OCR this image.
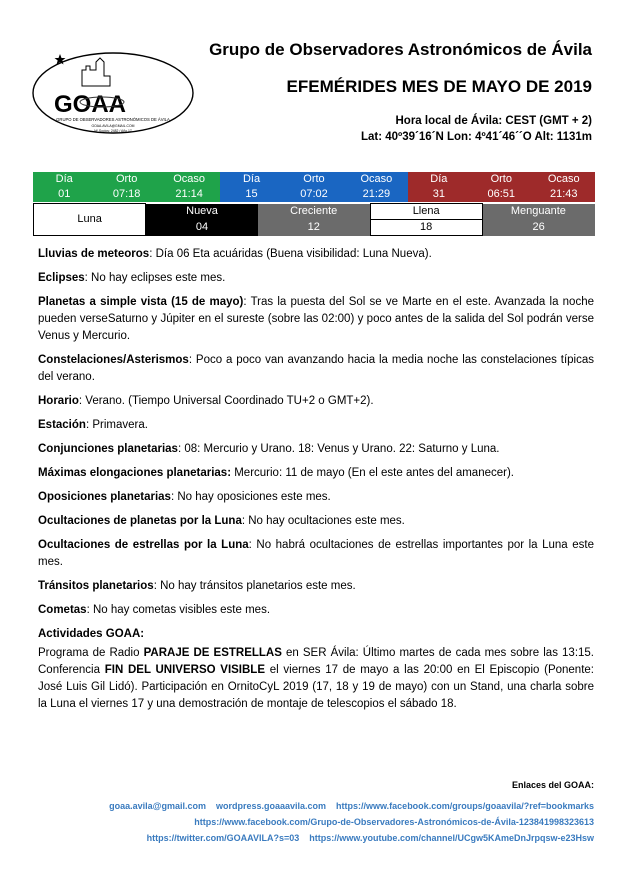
GOAA
GRUPO DE OBSERVADORES ASTRONÓMICOS DE ÁVILA
GOAA.AVILA@GMAIL.COM
Nº Socios: 2482 / Año 17
Grupo de Observadores Astronómicos de Ávila
EFEMÉRIDES MES DE MAYO DE 2019
Hora local de Ávila: CEST (GMT + 2)
Lat: 40º39´16´N Lon: 4º41´46´´O Alt: 1131m
Día	Orto	Ocaso	Día	Orto	Ocaso	Día	Orto	Ocaso
01	07:18	21:14	15	07:02	21:29	31	06:51	21:43
Luna	Nueva	Creciente	Llena	Menguante
	04	12	18	26

Lluvias de meteoros: Día 06 Eta acuáridas (Buena visibilidad: Luna Nueva).

Eclipses: No hay eclipses este mes.

Planetas a simple vista (15 de mayo): Tras la puesta del Sol se ve Marte en el este. Avanzada la noche pueden verseSaturno y Júpiter en el sureste (sobre las 02:00) y poco antes de la salida del Sol podrán verse Venus y Mercurio.

Constelaciones/Asterismos: Poco a poco van avanzando hacia la media noche las constelaciones típicas del verano.

Horario: Verano. (Tiempo Universal Coordinado TU+2 o GMT+2).

Estación: Primavera.

Conjunciones planetarias: 08: Mercurio y Urano. 18: Venus y Urano. 22: Saturno y Luna.

Máximas elongaciones planetarias: Mercurio: 11 de mayo (En el este antes del amanecer).

Oposiciones planetarias: No hay oposiciones este mes.

Ocultaciones de planetas por la Luna: No hay ocultaciones este mes.

Ocultaciones de estrellas por la Luna: No habrá ocultaciones de estrellas importantes por la Luna este mes.

Tránsitos planetarios: No hay tránsitos planetarios este mes.

Cometas: No hay cometas visibles este mes.

Actividades GOAA:

Programa de Radio PARAJE DE ESTRELLAS en SER Ávila: Último martes de cada mes sobre las 13:15. Conferencia FIN DEL UNIVERSO VISIBLE el viernes 17 de mayo a las 20:00 en El Episcopio (Ponente: José Luis Gil Lidó). Participación en OrnitoCyL 2019 (17, 18 y 19 de mayo) con un Stand, una charla sobre la Luna el viernes 17 y una demostración de montaje de telescopios el sábado 18.

Enlaces del GOAA:
goaa.avila@gmail.com wordpress.goaaavila.com https://www.facebook.com/groups/goaavila/?ref=bookmarks
https://www.facebook.com/Grupo-de-Observadores-Astronómicos-de-Ávila-123841998323613
https://twitter.com/GOAAVILA?s=03 https://www.youtube.com/channel/UCgw5KAmeDnJrpqsw-e23Hsw
